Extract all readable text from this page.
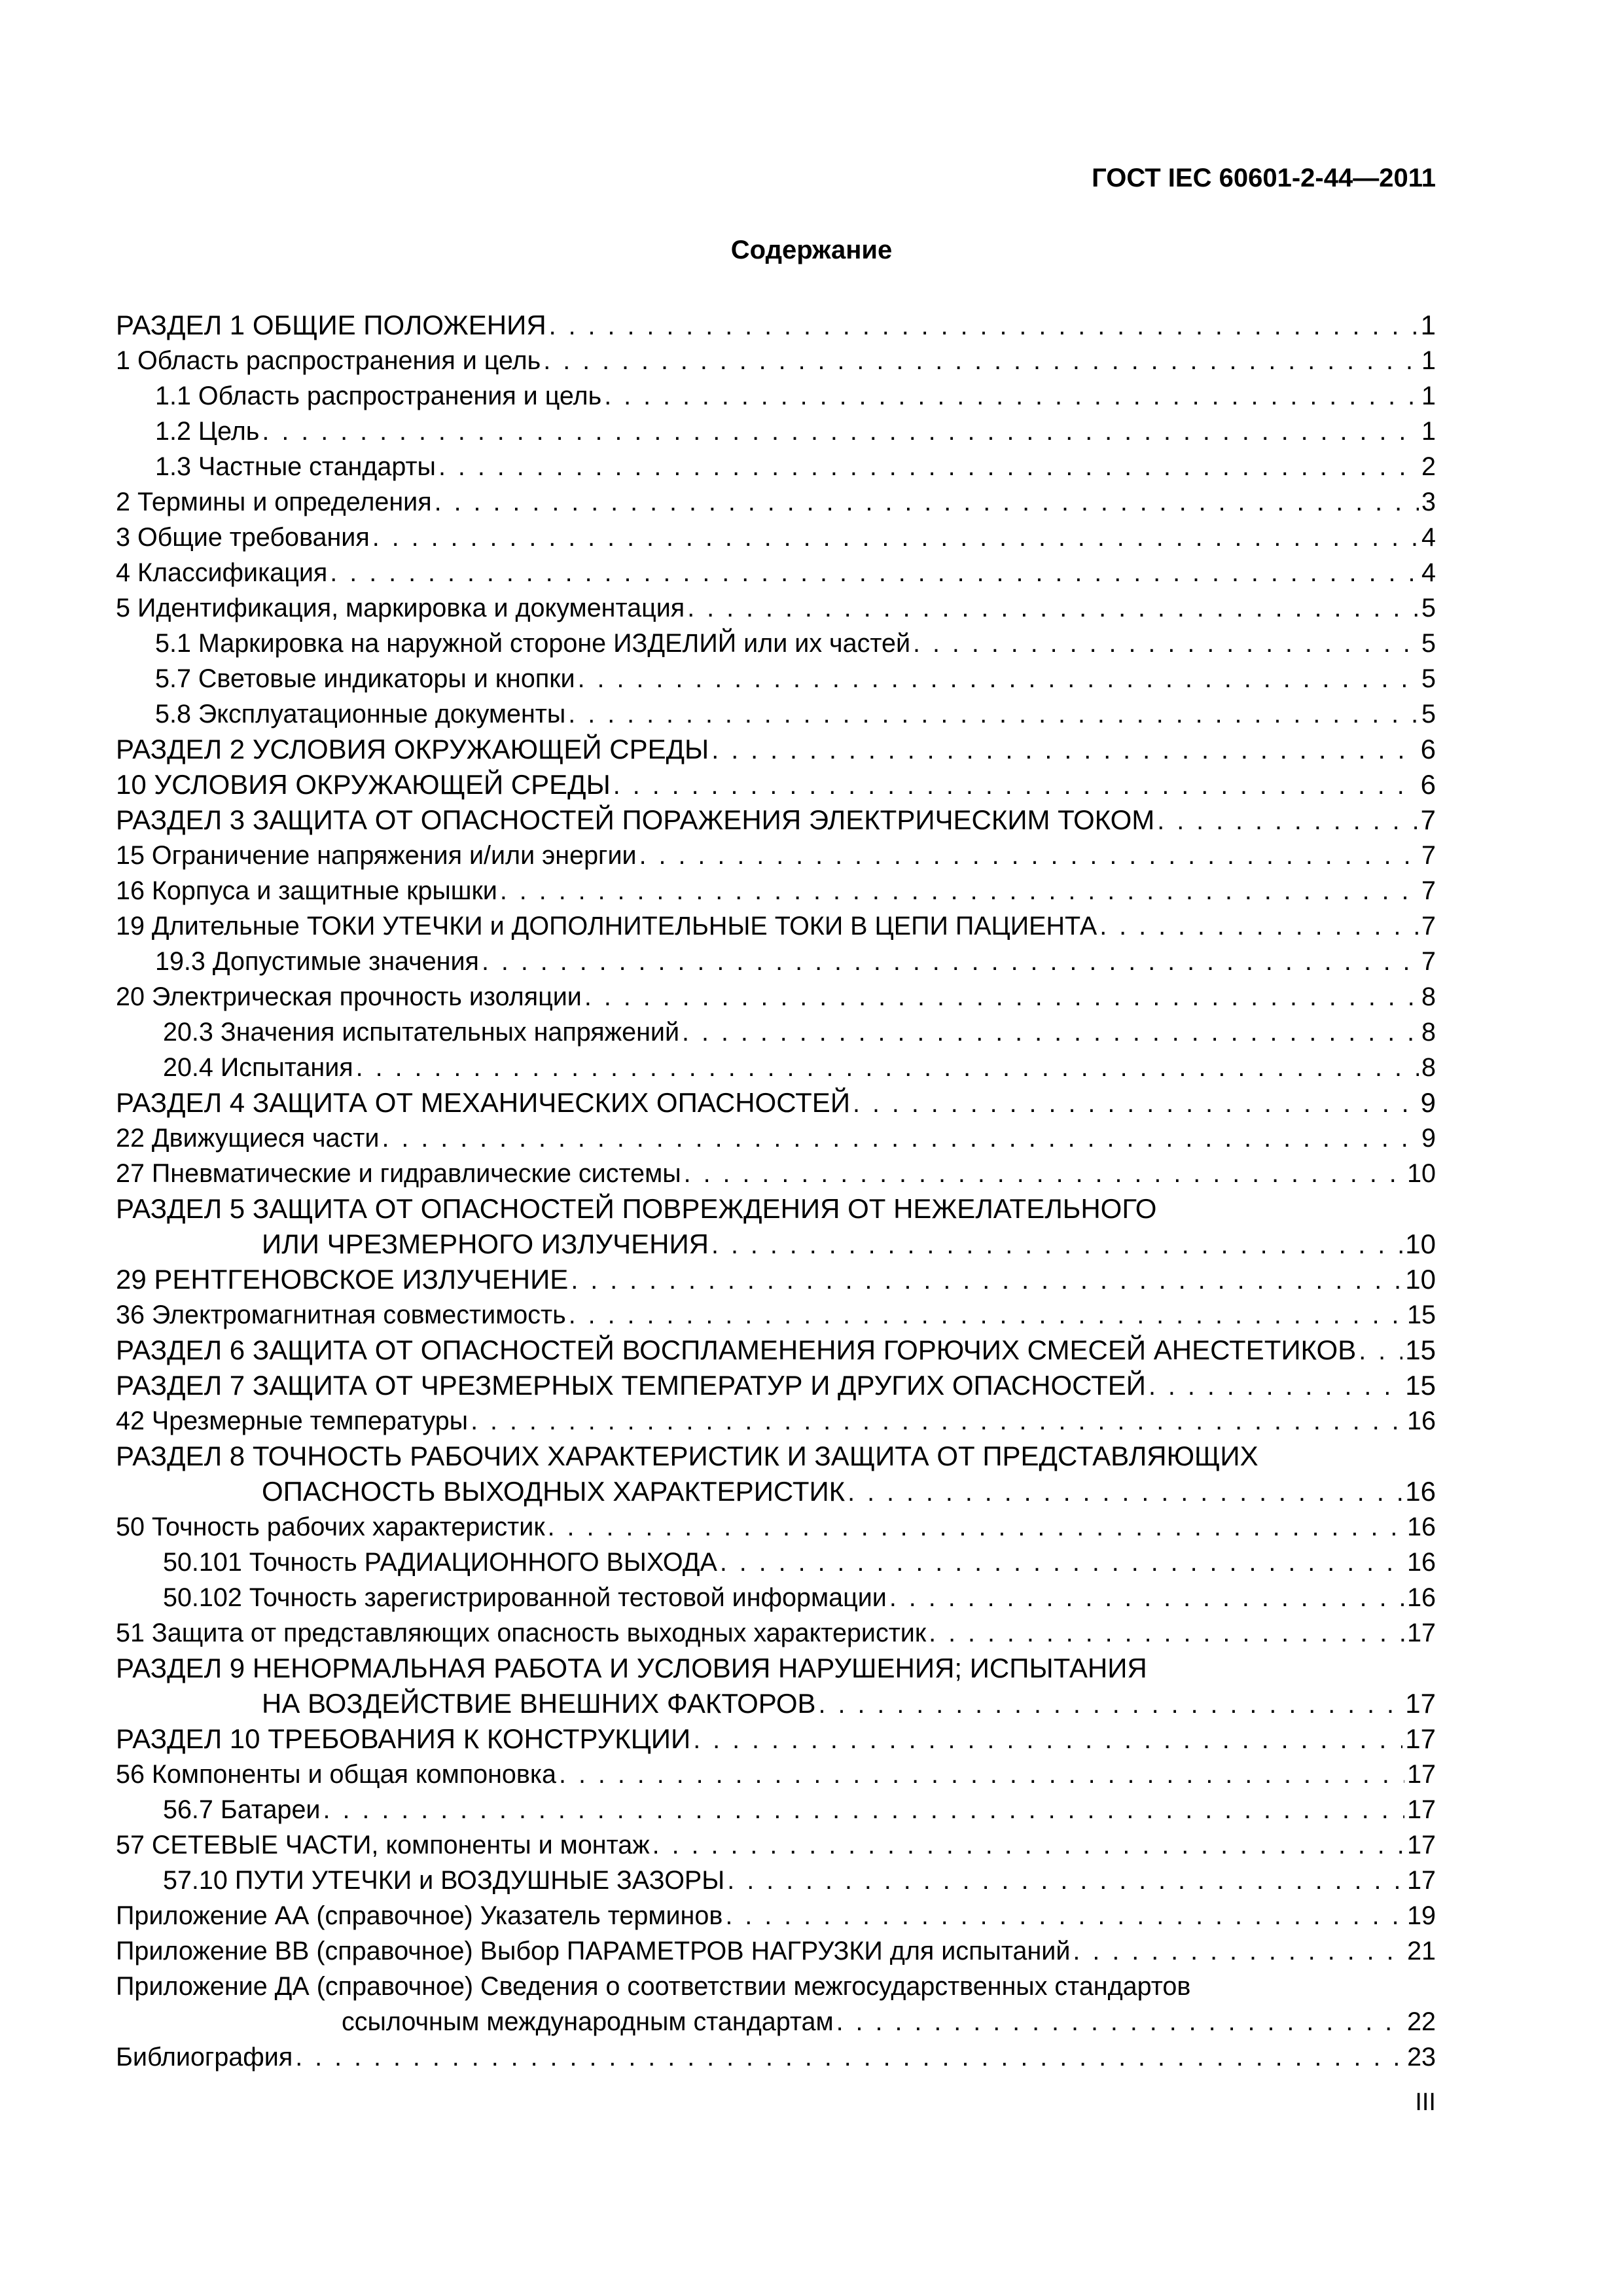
ГОСТ IEC 60601-2-44—2011
Содержание
РАЗДЕЛ 1 ОБЩИЕ ПОЛОЖЕНИЯ . . .	1
1 Область распространения и цель . . .	1
1.1 Область распространения и цель . . .	1
1.2 Цель . . .	1
1.3 Частные стандарты . . .	2
2 Термины и определения . . .	3
3 Общие требования . . .	4
4 Классификация . . .	4
5 Идентификация, маркировка и документация . . .	5
5.1 Маркировка на наружной стороне ИЗДЕЛИЙ или их частей . . .	5
5.7 Световые индикаторы и кнопки . . .	5
5.8 Эксплуатационные документы . . .	5
РАЗДЕЛ 2 УСЛОВИЯ ОКРУЖАЮЩЕЙ СРЕДЫ . . .	6
10 УСЛОВИЯ ОКРУЖАЮЩЕЙ СРЕДЫ . . .	6
РАЗДЕЛ 3 ЗАЩИТА ОТ ОПАСНОСТЕЙ ПОРАЖЕНИЯ ЭЛЕКТРИЧЕСКИМ ТОКОМ . . .	7
15 Ограничение напряжения и/или энергии . . .	7
16 Корпуса и защитные крышки . . .	7
19 Длительные ТОКИ УТЕЧКИ и ДОПОЛНИТЕЛЬНЫЕ ТОКИ В ЦЕПИ ПАЦИЕНТА . . .	7
19.3 Допустимые значения . . .	7
20 Электрическая прочность изоляции . . .	8
20.3 Значения испытательных напряжений . . .	8
20.4 Испытания . . .	8
РАЗДЕЛ 4 ЗАЩИТА ОТ МЕХАНИЧЕСКИХ ОПАСНОСТЕЙ . . .	9
22 Движущиеся части . . .	9
27 Пневматические и гидравлические системы . . .	10
РАЗДЕЛ 5 ЗАЩИТА ОТ ОПАСНОСТЕЙ ПОВРЕЖДЕНИЯ ОТ НЕЖЕЛАТЕЛЬНОГО
ИЛИ ЧРЕЗМЕРНОГО ИЗЛУЧЕНИЯ . . .	10
29 РЕНТГЕНОВСКОЕ ИЗЛУЧЕНИЕ . . .	10
36 Электромагнитная совместимость . . .	15
РАЗДЕЛ 6 ЗАЩИТА ОТ ОПАСНОСТЕЙ ВОСПЛАМЕНЕНИЯ ГОРЮЧИХ СМЕСЕЙ АНЕСТЕТИКОВ . . . 15
РАЗДЕЛ 7 ЗАЩИТА ОТ ЧРЕЗМЕРНЫХ ТЕМПЕРАТУР И ДРУГИХ ОПАСНОСТЕЙ . . .	15
42 Чрезмерные температуры . . .	16
РАЗДЕЛ 8 ТОЧНОСТЬ РАБОЧИХ ХАРАКТЕРИСТИК И ЗАЩИТА ОТ ПРЕДСТАВЛЯЮЩИХ
ОПАСНОСТЬ ВЫХОДНЫХ ХАРАКТЕРИСТИК . . .	16
50 Точность рабочих характеристик . . .	16
50.101 Точность РАДИАЦИОННОГО ВЫХОДА . . .	16
50.102 Точность зарегистрированной тестовой информации . . .	16
51 Защита от представляющих опасность выходных характеристик . . .	17
РАЗДЕЛ 9 НЕНОРМАЛЬНАЯ РАБОТА И УСЛОВИЯ НАРУШЕНИЯ; ИСПЫТАНИЯ
НА ВОЗДЕЙСТВИЕ ВНЕШНИХ ФАКТОРОВ . . .	17
РАЗДЕЛ 10 ТРЕБОВАНИЯ К КОНСТРУКЦИИ . . .	17
56 Компоненты и общая компоновка . . .	17
56.7 Батареи . . .	17
57 СЕТЕВЫЕ ЧАСТИ, компоненты и монтаж . . .	17
57.10 ПУТИ УТЕЧКИ и ВОЗДУШНЫЕ ЗАЗОРЫ . . .	17
Приложение АА (справочное) Указатель терминов . . .	19
Приложение ВВ (справочное) Выбор ПАРАМЕТРОВ НАГРУЗКИ для испытаний . . .	21
Приложение ДА (справочное) Сведения о соответствии межгосударственных стандартов
ссылочным международным стандартам . . .	22
Библиография . . .	23
III
